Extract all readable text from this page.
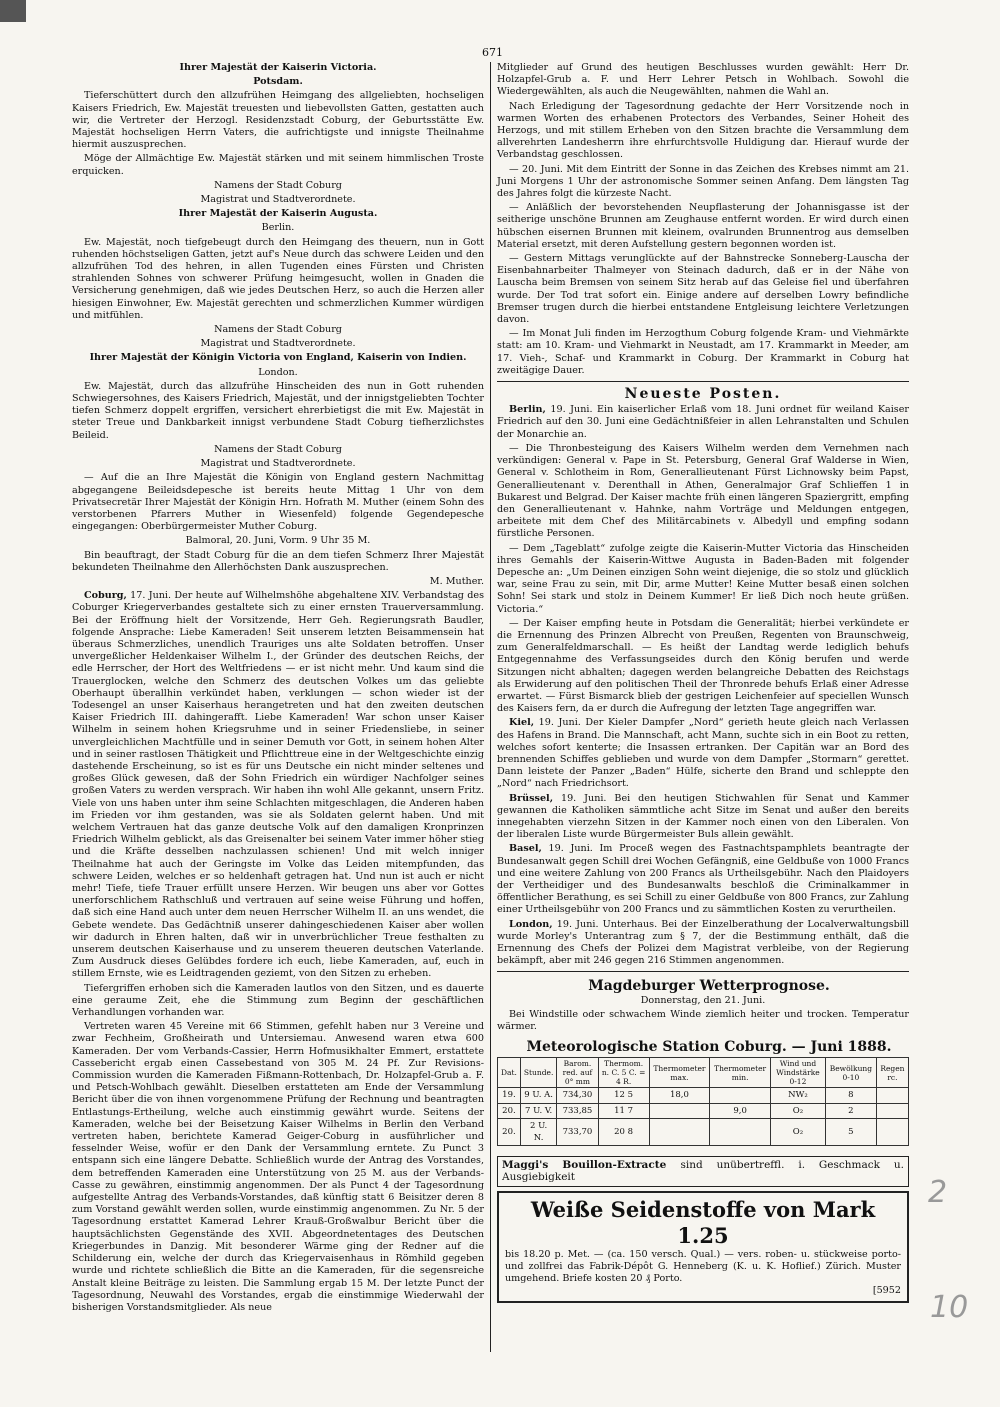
671

Ihrer Majestät der Kaiserin Victoria.

Potsdam.

Tieferschüttert durch den allzufrühen Heimgang des allgeliebten, hochseligen Kaisers Friedrich, Ew. Majestät treuesten und liebevollsten Gatten, gestatten auch wir, die Vertreter der Herzogl. Residenzstadt Coburg, der Geburtsstätte Ew. Majestät hochseligen Herrn Vaters, die aufrichtigste und innigste Theilnahme hiermit auszusprechen.

Möge der Allmächtige Ew. Majestät stärken und mit seinem himmlischen Troste erquicken.

Namens der Stadt Coburg

Magistrat und Stadtverordnete.

Ihrer Majestät der Kaiserin Augusta.

Berlin.

Ew. Majestät, noch tiefgebeugt durch den Heimgang des theuern, nun in Gott ruhenden höchstseligen Gatten, jetzt auf's Neue durch das schwere Leiden und den allzufrühen Tod des hehren, in allen Tugenden eines Fürsten und Christen strahlenden Sohnes von schwerer Prüfung heimgesucht, wollen in Gnaden die Versicherung genehmigen, daß wie jedes Deutschen Herz, so auch die Herzen aller hiesigen Einwohner, Ew. Majestät gerechten und schmerzlichen Kummer würdigen und mitfühlen.

Namens der Stadt Coburg

Magistrat und Stadtverordnete.

Ihrer Majestät der Königin Victoria von England, Kaiserin von Indien.

London.

Ew. Majestät, durch das allzufrühe Hinscheiden des nun in Gott ruhenden Schwiegersohnes, des Kaisers Friedrich, Majestät, und der innigstgeliebten Tochter tiefen Schmerz doppelt ergriffen, versichert ehrerbietigst die mit Ew. Majestät in steter Treue und Dankbarkeit innigst verbundene Stadt Coburg tiefherzlichstes Beileid.

Namens der Stadt Coburg

Magistrat und Stadtverordnete.

— Auf die an Ihre Majestät die Königin von England gestern Nachmittag abgegangene Beileidsdepesche ist bereits heute Mittag 1 Uhr von dem Privatsecretär Ihrer Majestät der Königin Hrn. Hofrath M. Muther (einem Sohn des verstorbenen Pfarrers Muther in Wiesenfeld) folgende Gegendepesche eingegangen: Oberbürgermeister Muther Coburg.

Balmoral, 20. Juni, Vorm. 9 Uhr 35 M.

Bin beauftragt, der Stadt Coburg für die an dem tiefen Schmerz Ihrer Majestät bekundeten Theilnahme den Allerhöchsten Dank auszusprechen.

M. Muther.

Coburg, 17. Juni. Der heute auf Wilhelmshöhe abgehaltene XIV. Verbandstag des Coburger Kriegerverbandes gestaltete sich zu einer ernsten Trauerversammlung. Bei der Eröffnung hielt der Vorsitzende, Herr Geh. Regierungsrath Baudler, folgende Ansprache: Liebe Kameraden! Seit unserem letzten Beisammensein hat überaus Schmerzliches, unendlich Trauriges uns alte Soldaten betroffen. Unser unvergeßlicher Heldenkaiser Wilhelm I., der Gründer des deutschen Reichs, der edle Herrscher, der Hort des Weltfriedens — er ist nicht mehr. Und kaum sind die Trauerglocken, welche den Schmerz des deutschen Volkes um das geliebte Oberhaupt überallhin verkündet haben, verklungen — schon wieder ist der Todesengel an unser Kaiserhaus herangetreten und hat den zweiten deutschen Kaiser Friedrich III. dahingerafft. Liebe Kameraden! War schon unser Kaiser Wilhelm in seinem hohen Kriegsruhme und in seiner Friedensliebe, in seiner unvergleichlichen Machtfülle und in seiner Demuth vor Gott, in seinem hohen Alter und in seiner rastlosen Thätigkeit und Pflichttreue eine in der Weltgeschichte einzig dastehende Erscheinung, so ist es für uns Deutsche ein nicht minder seltenes und großes Glück gewesen, daß der Sohn Friedrich ein würdiger Nachfolger seines großen Vaters zu werden versprach. Wir haben ihn wohl Alle gekannt, unsern Fritz. Viele von uns haben unter ihm seine Schlachten mitgeschlagen, die Anderen haben im Frieden vor ihm gestanden, was sie als Soldaten gelernt haben. Und mit welchem Vertrauen hat das ganze deutsche Volk auf den damaligen Kronprinzen Friedrich Wilhelm geblickt, als das Greisenalter bei seinem Vater immer höher stieg und die Kräfte desselben nachzulassen schienen! Und mit welch inniger Theilnahme hat auch der Geringste im Volke das Leiden mitempfunden, das schwere Leiden, welches er so heldenhaft getragen hat. Und nun ist auch er nicht mehr! Tiefe, tiefe Trauer erfüllt unsere Herzen. Wir beugen uns aber vor Gottes unerforschlichem Rathschluß und vertrauen auf seine weise Führung und hoffen, daß sich eine Hand auch unter dem neuen Herrscher Wilhelm II. an uns wendet, die Gebete wendete. Das Gedächtniß unserer dahingeschiedenen Kaiser aber wollen wir dadurch in Ehren halten, daß wir in unverbrüchlicher Treue festhalten zu unserem deutschen Kaiserhause und zu unserem theueren deutschen Vaterlande. Zum Ausdruck dieses Gelübdes fordere ich euch, liebe Kameraden, auf, euch in stillem Ernste, wie es Leidtragenden geziemt, von den Sitzen zu erheben.

Tiefergriffen erhoben sich die Kameraden lautlos von den Sitzen, und es dauerte eine geraume Zeit, ehe die Stimmung zum Beginn der geschäftlichen Verhandlungen vorhanden war.

Vertreten waren 45 Vereine mit 66 Stimmen, gefehlt haben nur 3 Vereine und zwar Fechheim, Großheirath und Untersiemau. Anwesend waren etwa 600 Kameraden. Der vom Verbands-Cassier, Herrn Hofmusikhalter Emmert, erstattete Cassebericht ergab einen Cassebestand von 305 M. 24 Pf. Zur Revisions-Commission wurden die Kameraden Fißmann-Rottenbach, Dr. Holzapfel-Grub a. F. und Petsch-Wohlbach gewählt. Dieselben erstatteten am Ende der Versammlung Bericht über die von ihnen vorgenommene Prüfung der Rechnung und beantragten Entlastungs-Ertheilung, welche auch einstimmig gewährt wurde. Seitens der Kameraden, welche bei der Beisetzung Kaiser Wilhelms in Berlin den Verband vertreten haben, berichtete Kamerad Geiger-Coburg in ausführlicher und fesselnder Weise, wofür er den Dank der Versammlung erntete. Zu Punct 3 entspann sich eine längere Debatte. Schließlich wurde der Antrag des Vorstandes, dem betreffenden Kameraden eine Unterstützung von 25 M. aus der Verbands-Casse zu gewähren, einstimmig angenommen. Der als Punct 4 der Tagesordnung aufgestellte Antrag des Verbands-Vorstandes, daß künftig statt 6 Beisitzer deren 8 zum Vorstand gewählt werden sollen, wurde einstimmig angenommen. Zu Nr. 5 der Tagesordnung erstattet Kamerad Lehrer Krauß-Großwalbur Bericht über die hauptsächlichsten Gegenstände des XVII. Abgeordnetentages des Deutschen Kriegerbundes in Danzig. Mit besonderer Wärme ging der Redner auf die Schilderung ein, welche der durch das Kriegervaisenhaus in Römhild gegeben wurde und richtete schließlich die Bitte an die Kameraden, für die segensreiche Anstalt kleine Beiträge zu leisten. Die Sammlung ergab 15 M. Der letzte Punct der Tagesordnung, Neuwahl des Vorstandes, ergab die einstimmige Wiederwahl der bisherigen Vorstandsmitglieder. Als neue

Mitglieder auf Grund des heutigen Beschlusses wurden gewählt: Herr Dr. Holzapfel-Grub a. F. und Herr Lehrer Petsch in Wohlbach. Sowohl die Wiedergewählten, als auch die Neugewählten, nahmen die Wahl an.

Nach Erledigung der Tagesordnung gedachte der Herr Vorsitzende noch in warmen Worten des erhabenen Protectors des Verbandes, Seiner Hoheit des Herzogs, und mit stillem Erheben von den Sitzen brachte die Versammlung dem allverehrten Landesherrn ihre ehrfurchtsvolle Huldigung dar. Hierauf wurde der Verbandstag geschlossen.

— 20. Juni. Mit dem Eintritt der Sonne in das Zeichen des Krebses nimmt am 21. Juni Morgens 1 Uhr der astronomische Sommer seinen Anfang. Dem längsten Tag des Jahres folgt die kürzeste Nacht.

— Anläßlich der bevorstehenden Neupflasterung der Johannisgasse ist der seitherige unschöne Brunnen am Zeughause entfernt worden. Er wird durch einen hübschen eisernen Brunnen mit kleinem, ovalrunden Brunnentrog aus demselben Material ersetzt, mit deren Aufstellung gestern begonnen worden ist.

— Gestern Mittags verunglückte auf der Bahnstrecke Sonneberg-Lauscha der Eisenbahnarbeiter Thalmeyer von Steinach dadurch, daß er in der Nähe von Lauscha beim Bremsen von seinem Sitz herab auf das Geleise fiel und überfahren wurde. Der Tod trat sofort ein. Einige andere auf derselben Lowry befindliche Bremser trugen durch die hierbei entstandene Entgleisung leichtere Verletzungen davon.

— Im Monat Juli finden im Herzogthum Coburg folgende Kram- und Viehmärkte statt: am 10. Kram- und Viehmarkt in Neustadt, am 17. Krammarkt in Meeder, am 17. Vieh-, Schaf- und Krammarkt in Coburg. Der Krammarkt in Coburg hat zweitägige Dauer.

Neueste Posten.

Berlin, 19. Juni. Ein kaiserlicher Erlaß vom 18. Juni ordnet für weiland Kaiser Friedrich auf den 30. Juni eine Gedächtnißfeier in allen Lehranstalten und Schulen der Monarchie an.

— Die Thronbesteigung des Kaisers Wilhelm werden dem Vernehmen nach verkündigen: General v. Pape in St. Petersburg, General Graf Walderse in Wien, General v. Schlotheim in Rom, Generallieutenant Fürst Lichnowsky beim Papst, Generallieutenant v. Derenthall in Athen, Generalmajor Graf Schlieffen 1 in Bukarest und Belgrad. Der Kaiser machte früh einen längeren Spaziergritt, empfing den Generallieutenant v. Hahnke, nahm Vorträge und Meldungen entgegen, arbeitete mit dem Chef des Militärcabinets v. Albedyll und empfing sodann fürstliche Personen.

— Dem „Tageblatt“ zufolge zeigte die Kaiserin-Mutter Victoria das Hinscheiden ihres Gemahls der Kaiserin-Wittwe Augusta in Baden-Baden mit folgender Depesche an: „Um Deinen einzigen Sohn weint diejenige, die so stolz und glücklich war, seine Frau zu sein, mit Dir, arme Mutter! Keine Mutter besaß einen solchen Sohn! Sei stark und stolz in Deinem Kummer! Er ließ Dich noch heute grüßen. Victoria.“

— Der Kaiser empfing heute in Potsdam die Generalität; hierbei verkündete er die Ernennung des Prinzen Albrecht von Preußen, Regenten von Braunschweig, zum Generalfeldmarschall. — Es heißt der Landtag werde lediglich behufs Entgegennahme des Verfassungseides durch den König berufen und werde Sitzungen nicht abhalten; dagegen werden belangreiche Debatten des Reichstags als Erwiderung auf den politischen Theil der Thronrede behufs Erlaß einer Adresse erwartet. — Fürst Bismarck blieb der gestrigen Leichenfeier auf speciellen Wunsch des Kaisers fern, da er durch die Aufregung der letzten Tage angegriffen war.

Kiel, 19. Juni. Der Kieler Dampfer „Nord“ gerieth heute gleich nach Verlassen des Hafens in Brand. Die Mannschaft, acht Mann, suchte sich in ein Boot zu retten, welches sofort kenterte; die Insassen ertranken. Der Capitän war an Bord des brennenden Schiffes geblieben und wurde von dem Dampfer „Stormarn“ gerettet. Dann leistete der Panzer „Baden“ Hülfe, sicherte den Brand und schleppte den „Nord“ nach Friedrichsort.

Brüssel, 19. Juni. Bei den heutigen Stichwahlen für Senat und Kammer gewannen die Katholiken sämmtliche acht Sitze im Senat und außer den bereits innegehabten vierzehn Sitzen in der Kammer noch einen von den Liberalen. Von der liberalen Liste wurde Bürgermeister Buls allein gewählt.

Basel, 19. Juni. Im Proceß wegen des Fastnachtspamphlets beantragte der Bundesanwalt gegen Schill drei Wochen Gefängniß, eine Geldbuße von 1000 Francs und eine weitere Zahlung von 200 Francs als Urtheilsgebühr. Nach den Plaidoyers der Vertheidiger und des Bundesanwalts beschloß die Criminalkammer in öffentlicher Berathung, es sei Schill zu einer Geldbuße von 800 Francs, zur Zahlung einer Urtheilsgebühr von 200 Francs und zu sämmtlichen Kosten zu verurtheilen.

London, 19. Juni. Unterhaus. Bei der Einzelberathung der Localverwaltungsbill wurde Morley's Unterantrag zum § 7, der die Bestimmung enthält, daß die Ernennung des Chefs der Polizei dem Magistrat verbleibe, von der Regierung bekämpft, aber mit 246 gegen 216 Stimmen angenommen.

Magdeburger Wetterprognose.

Donnerstag, den 21. Juni.

Bei Windstille oder schwachem Winde ziemlich heiter und trocken. Temperatur wärmer.

Meteorologische Station Coburg. — Juni 1888.

Dat.	Stunde.	Barom. red. auf 0° mm	Thermom. n. C. 5 C. = 4 R.	Thermometer max.	Thermometer min.	Wind und Windstärke 0-12	Bewölkung 0-10	Regen rc.
19.	9 U. A.	734,30	12 5	18,0		NW₂	8	
20.	7 U. V.	733,85	11 7		9,0	O₂	2	
20.	2 U. N.	733,70	20 8			O₂	5	
Maggi's Bouillon-Extracte sind unübertreffl. i. Geschmack u. Ausgiebigkeit
Weiße Seidenstoffe von Mark 1.25
bis 18.20 p. Met. — (ca. 150 versch. Qual.) — vers. roben- u. stückweise porto- und zollfrei das Fabrik-Dépôt G. Henneberg (K. u. K. Hoflief.) Zürich. Muster umgehend. Briefe kosten 20 ₰ Porto.
[5952
2
10
